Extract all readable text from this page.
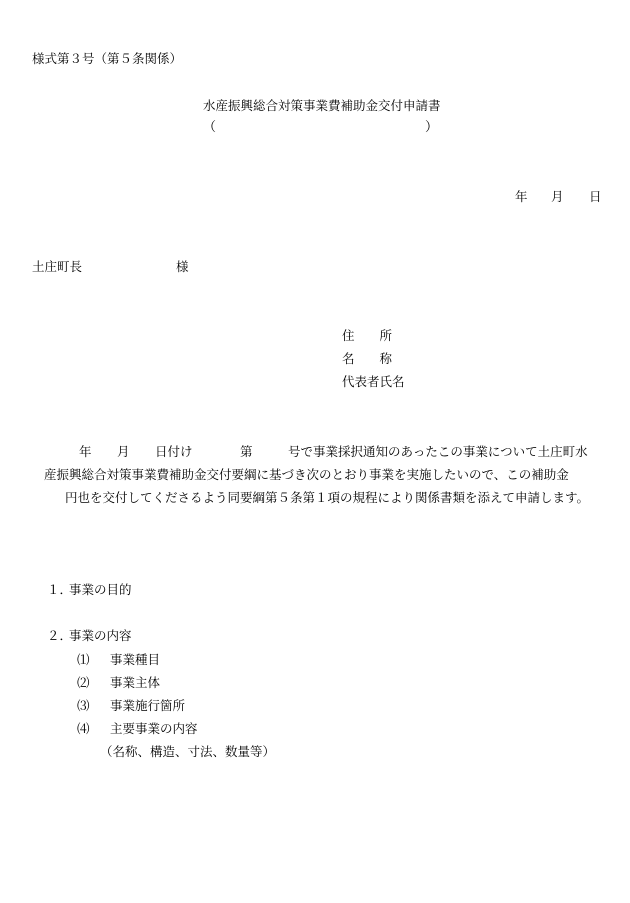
様式第３号（第５条関係）
水産振興総合対策事業費補助金交付申請書
（	）
年 月 日
土庄町長	様
住　　所
名　　称
代表者氏名
年 月 日付け	第	号で事業採択通知のあったこの事業について土庄町水
産振興総合対策事業費補助金交付要綱に基づき次のとおり事業を実施したいので、この補助金
円也を交付してくださるよう同要綱第５条第１項の規程により関係書類を添えて申請します。
１．
事業の目的
２．
事業の内容
⑴ 事業種目
⑵ 事業主体
⑶ 事業施行箇所
⑷ 主要事業の内容
（名称、構造、寸法、数量等）
